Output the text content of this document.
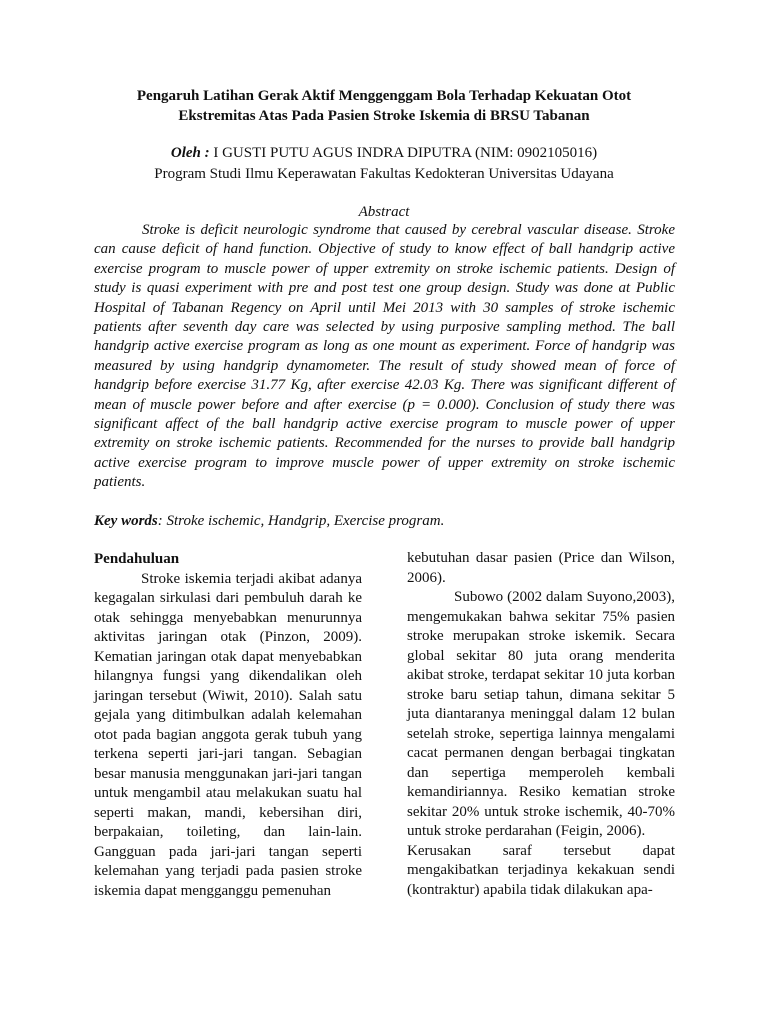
Pengaruh Latihan Gerak Aktif Menggenggam Bola Terhadap Kekuatan Otot
Ekstremitas Atas Pada Pasien Stroke Iskemia di BRSU Tabanan
Oleh : I GUSTI PUTU AGUS INDRA DIPUTRA (NIM: 0902105016)
Program Studi Ilmu Keperawatan Fakultas Kedokteran Universitas Udayana
Abstract

Stroke is deficit neurologic syndrome that caused by cerebral vascular disease. Stroke can cause deficit of hand function. Objective of study to know effect of ball handgrip active exercise program to muscle power of upper extremity on stroke ischemic patients. Design of study is quasi experiment with pre and post test one group design. Study was done at Public Hospital of Tabanan Regency on April until Mei 2013 with 30 samples of stroke ischemic patients after seventh day care was selected by using purposive sampling method. The ball handgrip active exercise program as long as one mount as experiment. Force of handgrip was measured by using handgrip dynamometer. The result of study showed mean of force of handgrip before exercise 31.77 Kg, after exercise 42.03 Kg. There was significant different of mean of muscle power before and after exercise (p = 0.000). Conclusion of study there was significant affect of the ball handgrip active exercise program to muscle power of upper extremity on stroke ischemic patients. Recommended for the nurses to provide ball handgrip active exercise program to improve muscle power of upper extremity on stroke ischemic patients.

Key words: Stroke ischemic, Handgrip, Exercise program.

Pendahuluan

Stroke iskemia terjadi akibat adanya kegagalan sirkulasi dari pembuluh darah ke otak sehingga menyebabkan menurunnya aktivitas jaringan otak (Pinzon, 2009). Kematian jaringan otak dapat menyebabkan hilangnya fungsi yang dikendalikan oleh jaringan tersebut (Wiwit, 2010). Salah satu gejala yang ditimbulkan adalah kelemahan otot pada bagian anggota gerak tubuh yang terkena seperti jari-jari tangan. Sebagian besar manusia menggunakan jari-jari tangan untuk mengambil atau melakukan suatu hal seperti makan, mandi, kebersihan diri, berpakaian, toileting, dan lain-lain. Gangguan pada jari-jari tangan seperti kelemahan yang terjadi pada pasien stroke iskemia dapat mengganggu pemenuhan

kebutuhan dasar pasien (Price dan Wilson, 2006).

Subowo (2002 dalam Suyono,2003), mengemukakan bahwa sekitar 75% pasien stroke merupakan stroke iskemik. Secara global sekitar 80 juta orang menderita akibat stroke, terdapat sekitar 10 juta korban stroke baru setiap tahun, dimana sekitar 5 juta diantaranya meninggal dalam 12 bulan setelah stroke, sepertiga lainnya mengalami cacat permanen dengan berbagai tingkatan dan sepertiga memperoleh kembali kemandiriannya. Resiko kematian stroke sekitar 20% untuk stroke ischemik, 40-70% untuk stroke perdarahan (Feigin, 2006).

Kerusakan saraf tersebut dapat mengakibatkan terjadinya kekakuan sendi (kontraktur) apabila tidak dilakukan apa-
